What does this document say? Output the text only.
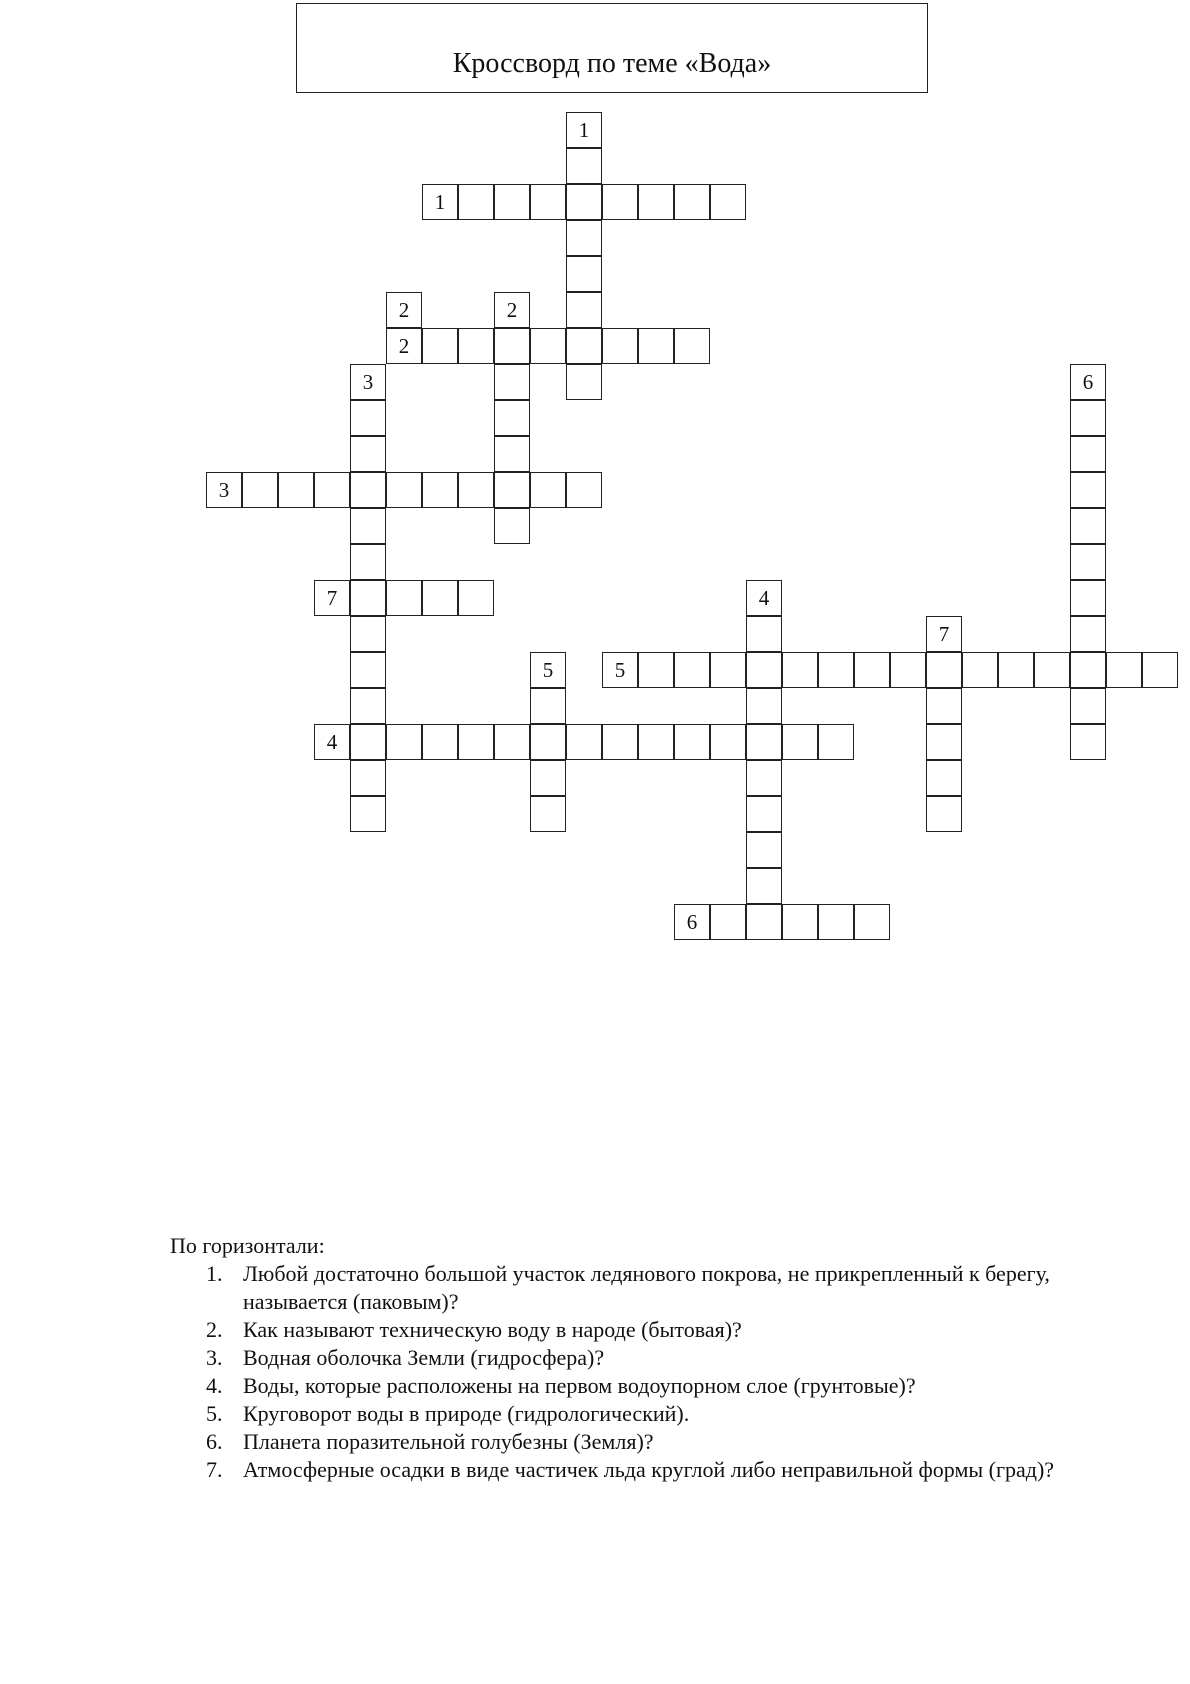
Кроссворд по теме «Вода»
1
2
3
4
5
6
7
1
2	2
3
4
5
6
7
По горизонтали:
1. Любой достаточно большой участок ледянового покрова, не прикрепленный к берегу, называется (паковым)?
2. Как называют техническую воду в народе (бытовая)?
3. Водная оболочка Земли (гидросфера)?
4. Воды, которые расположены на первом водоупорном слое (грунтовые)?
5. Круговорот воды в природе (гидрологический).
6. Планета поразительной голубезны (Земля)?
7. Атмосферные осадки в виде частичек льда круглой либо неправильной формы (град)?
